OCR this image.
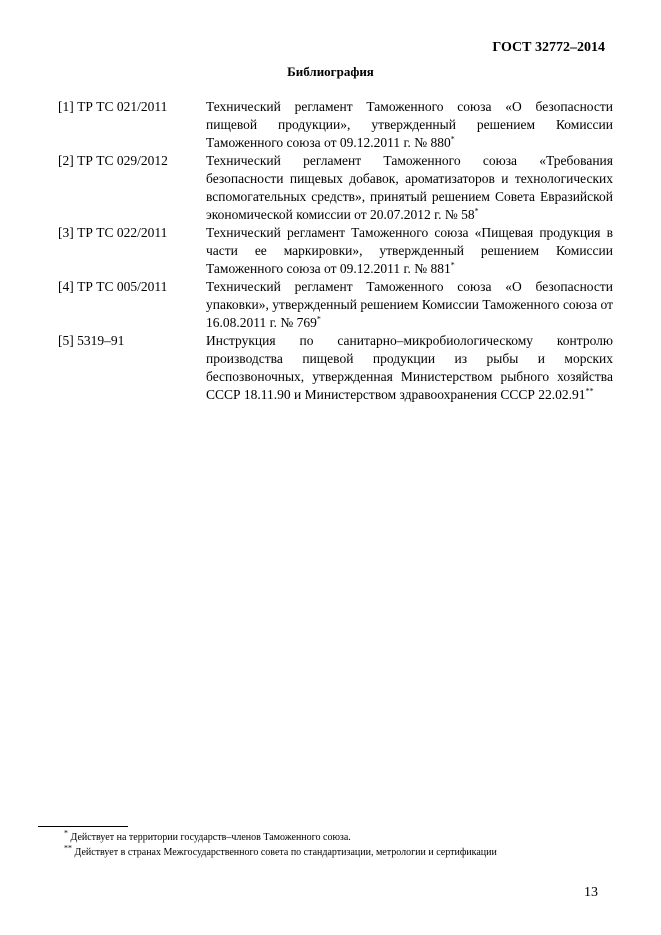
ГОСТ 32772–2014
Библиография
[1] ТР ТС 021/2011	Технический регламент Таможенного союза «О безопасности пищевой продукции», утвержденный решением Комиссии Таможенного союза от 09.12.2011 г. № 880*
[2] ТР ТС 029/2012	Технический регламент Таможенного союза «Требования безопасности пищевых добавок, ароматизаторов и технологических вспомогательных средств», принятый решением Совета Евразийской экономической комиссии от 20.07.2012 г. № 58*
[3] ТР ТС 022/2011	Технический регламент Таможенного союза «Пищевая продукция в части ее маркировки», утвержденный решением Комиссии Таможенного союза от 09.12.2011 г. № 881*
[4] ТР ТС 005/2011	Технический регламент Таможенного союза «О безопасности упаковки», утвержденный решением Комиссии Таможенного союза от 16.08.2011 г. № 769*
[5] 5319–91	Инструкция по санитарно–микробиологическому контролю производства пищевой продукции из рыбы и морских беспозвоночных, утвержденная Министерством рыбного хозяйства СССР 18.11.90 и Министерством здравоохранения СССР 22.02.91**
* Действует на территории государств–членов Таможенного союза.
** Действует в странах Межгосударственного совета по стандартизации, метрологии и сертификации
13
